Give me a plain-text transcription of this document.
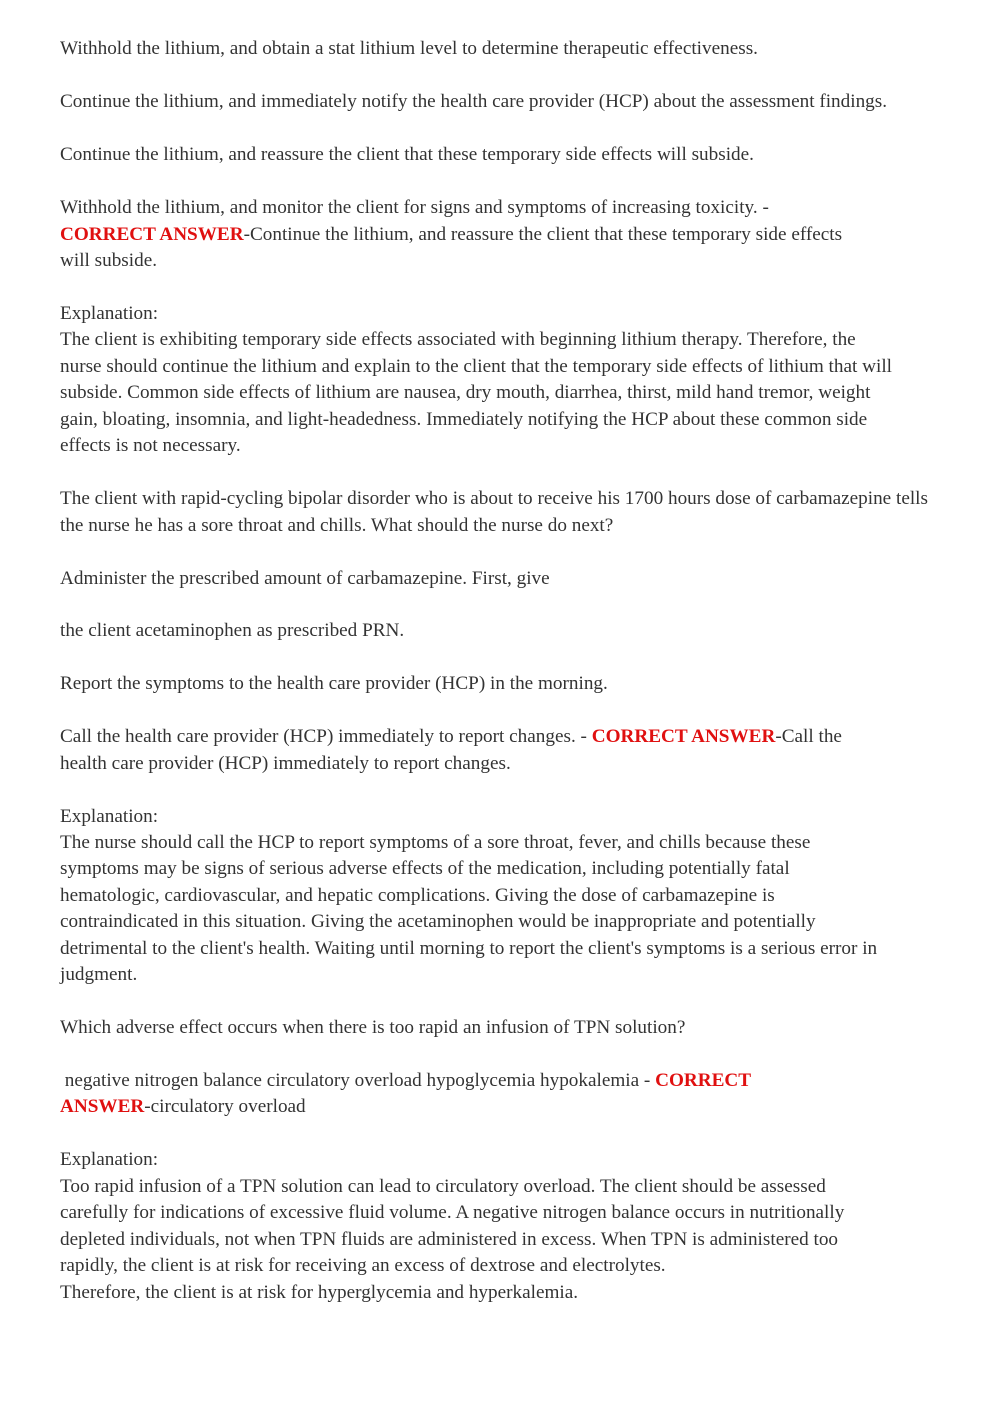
Withhold the lithium, and obtain a stat lithium level to determine therapeutic effectiveness.
Continue the lithium, and immediately notify the health care provider (HCP) about the assessment findings.
Continue the lithium, and reassure the client that these temporary side effects will subside.
Withhold the lithium, and monitor the client for signs and symptoms of increasing toxicity. -
CORRECT ANSWER-Continue the lithium, and reassure the client that these temporary side effects
will subside.
Explanation:
The client is exhibiting temporary side effects associated with beginning lithium therapy. Therefore, the
nurse should continue the lithium and explain to the client that the temporary side effects of lithium that will
subside. Common side effects of lithium are nausea, dry mouth, diarrhea, thirst, mild hand tremor, weight
gain, bloating, insomnia, and light-headedness. Immediately notifying the HCP about these common side
effects is not necessary.
The client with rapid-cycling bipolar disorder who is about to receive his 1700 hours dose of carbamazepine tells
the nurse he has a sore throat and chills. What should the nurse do next?
Administer the prescribed amount of carbamazepine. First, give
the client acetaminophen as prescribed PRN.
Report the symptoms to the health care provider (HCP) in the morning.
Call the health care provider (HCP) immediately to report changes. - CORRECT ANSWER-Call the
health care provider (HCP) immediately to report changes.
Explanation:
The nurse should call the HCP to report symptoms of a sore throat, fever, and chills because these
symptoms may be signs of serious adverse effects of the medication, including potentially fatal
hematologic, cardiovascular, and hepatic complications. Giving the dose of carbamazepine is
contraindicated in this situation. Giving the acetaminophen would be inappropriate and potentially
detrimental to the client's health. Waiting until morning to report the client's symptoms is a serious error in
judgment.
Which adverse effect occurs when there is too rapid an infusion of TPN solution?
negative nitrogen balance circulatory overload hypoglycemia hypokalemia - CORRECT
ANSWER-circulatory overload
Explanation:
Too rapid infusion of a TPN solution can lead to circulatory overload. The client should be assessed
carefully for indications of excessive fluid volume. A negative nitrogen balance occurs in nutritionally
depleted individuals, not when TPN fluids are administered in excess. When TPN is administered too
rapidly, the client is at risk for receiving an excess of dextrose and electrolytes.
Therefore, the client is at risk for hyperglycemia and hyperkalemia.
